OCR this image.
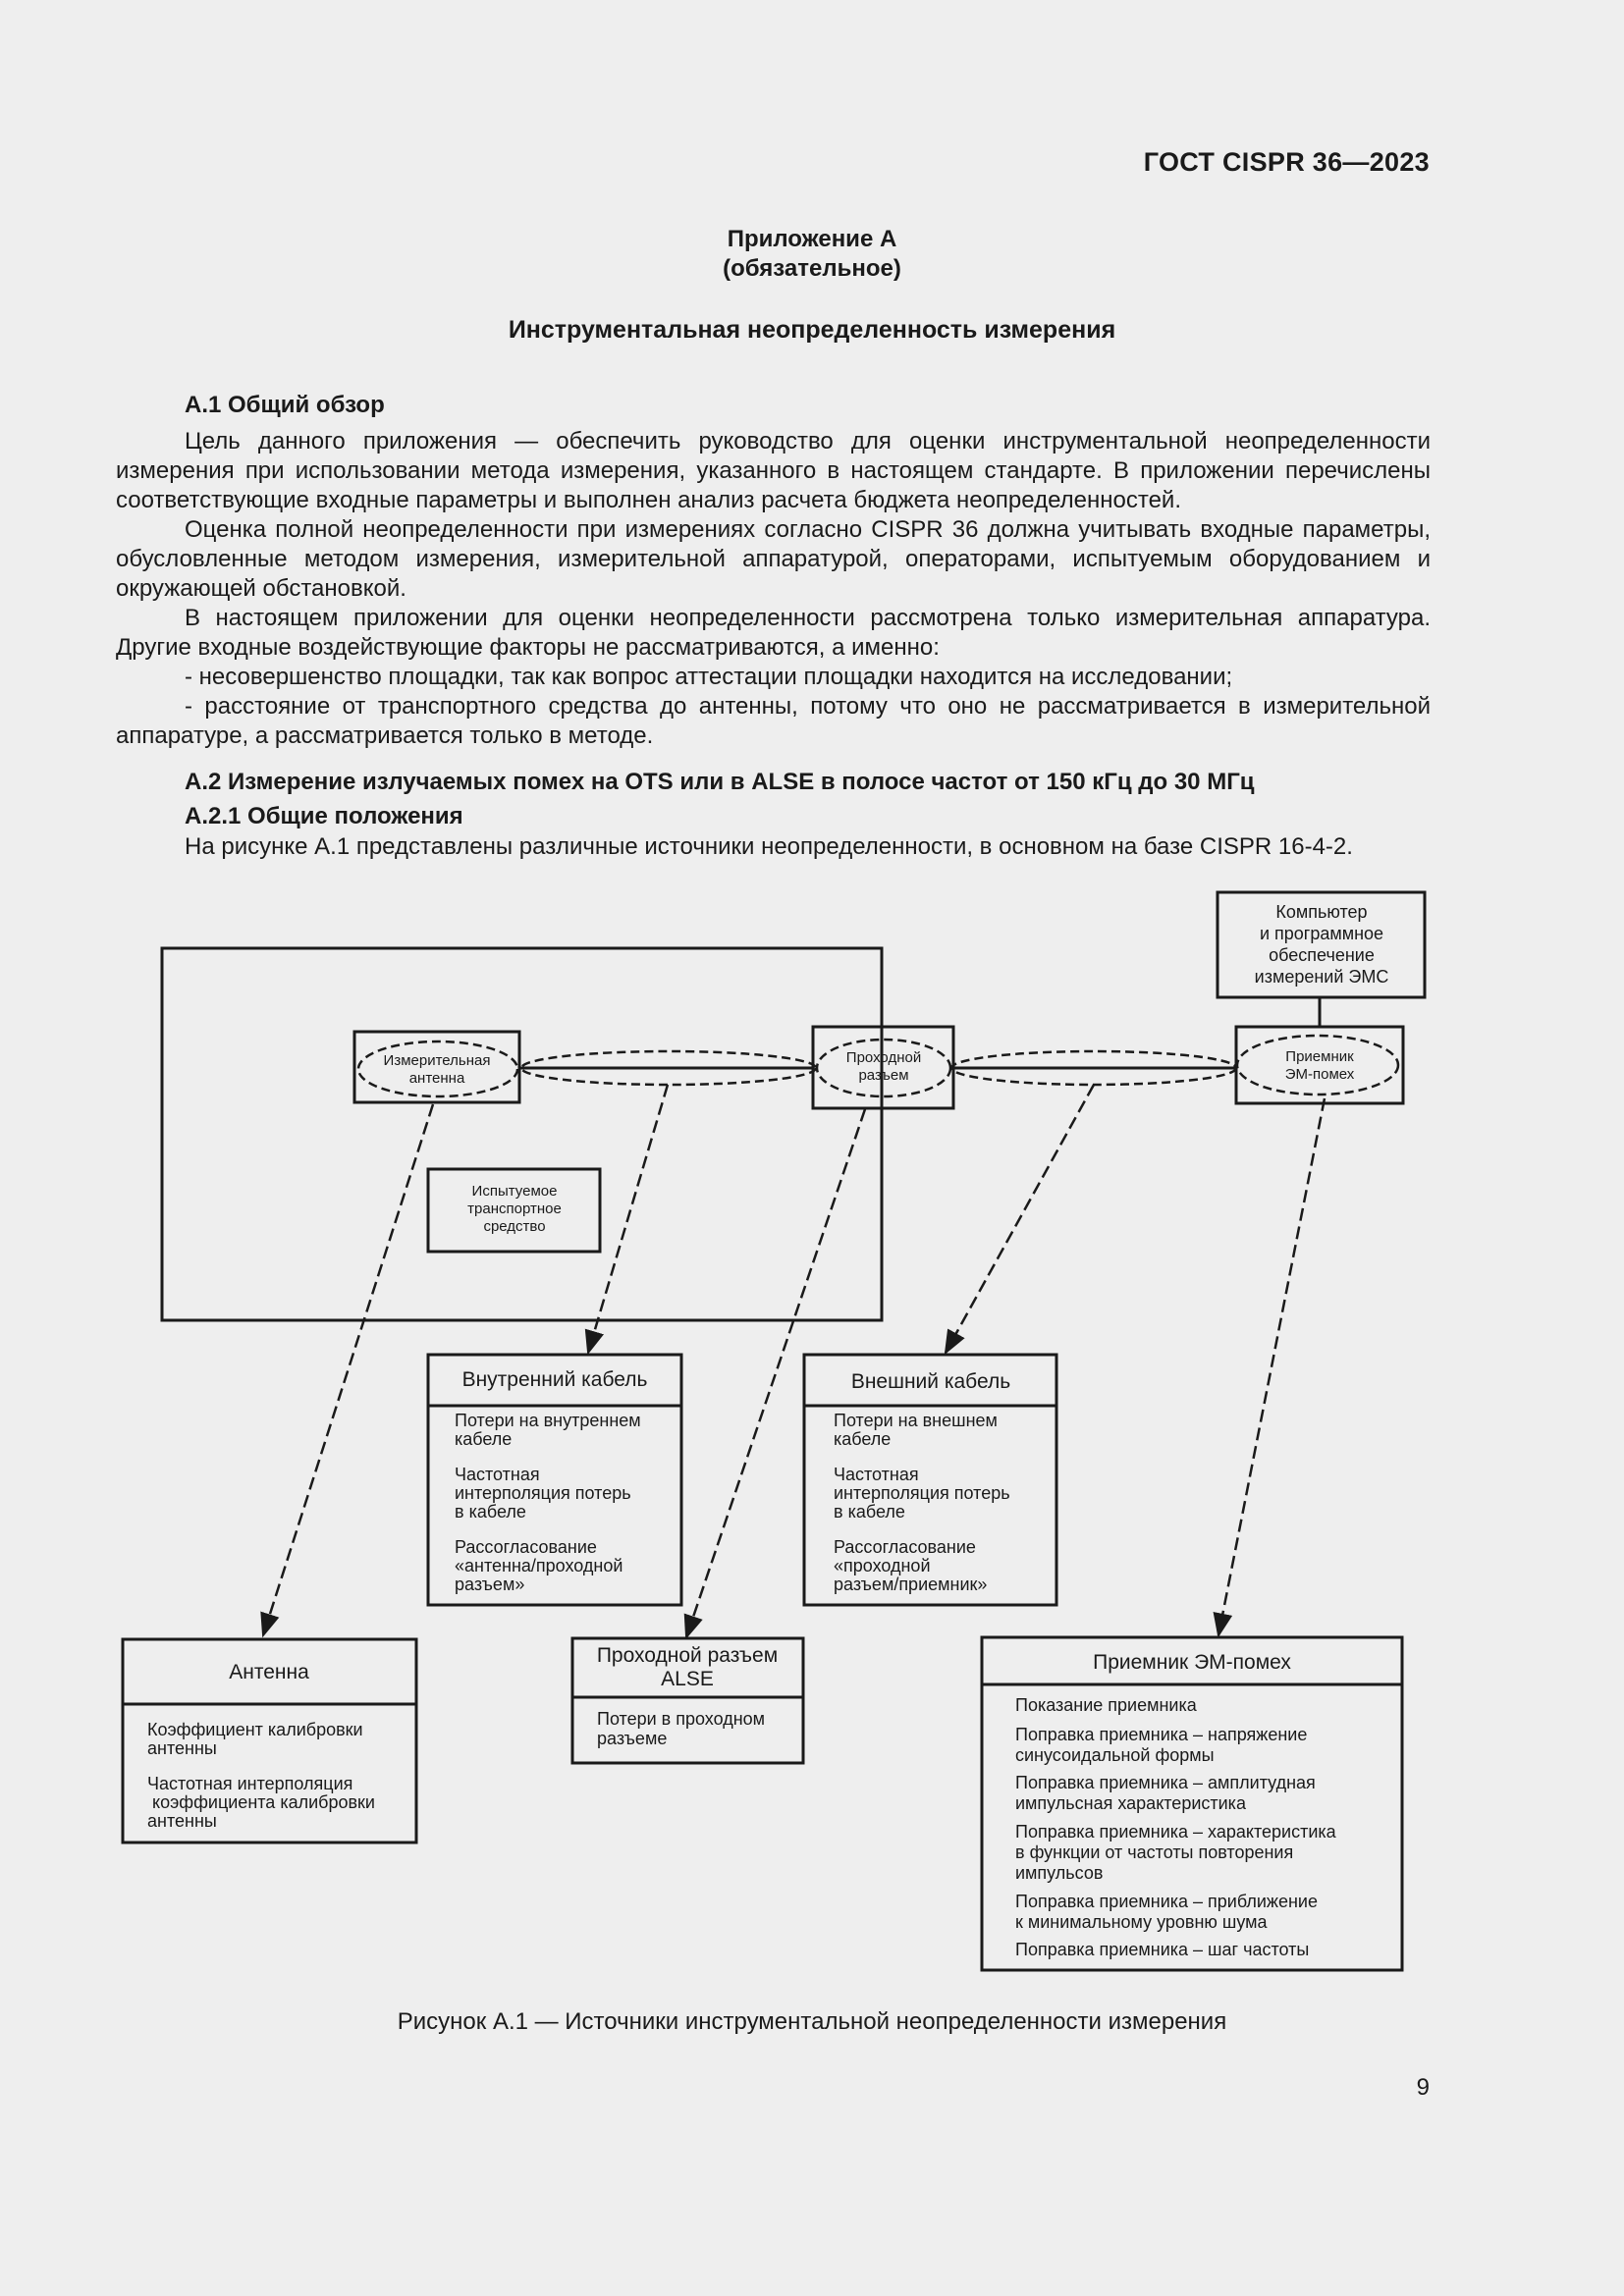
ГОСТ CISPR 36—2023
Приложение А
(обязательное)
Инструментальная неопределенность измерения
А.1 Общий обзор

Цель данного приложения — обеспечить руководство для оценки инструментальной неопределенности измерения при использовании метода измерения, указанного в настоящем стандарте. В приложении перечислены соответствующие входные параметры и выполнен анализ расчета бюджета неопределенностей.

Оценка полной неопределенности при измерениях согласно CISPR 36 должна учитывать входные параметры, обусловленные методом измерения, измерительной аппаратурой, операторами, испытуемым оборудованием и окружающей обстановкой.

В настоящем приложении для оценки неопределенности рассмотрена только измерительная аппаратура. Другие входные воздействующие факторы не рассматриваются, а именно:

- несовершенство площадки, так как вопрос аттестации площадки находится на исследовании;

- расстояние от транспортного средства до антенны, потому что оно не рассматривается в измерительной аппаратуре, а рассматривается только в методе.

А.2 Измерение излучаемых помех на OTS или в ALSE в полосе частот от 150 кГц до 30 МГц
А.2.1 Общие положения
На рисунке А.1 представлены различные источники неопределенности, в основном на базе CISPR 16-4-2.
Компьютер
и программное
обеспечение
измерений ЭМС
Измерительная
антенна
Проходной
разъем
Приемник
ЭМ-помех
Испытуемое
транспортное
средство
Внутренний кабель	Внешний кабель
Антенна
Проходной разъем
ALSE
Приемник ЭМ-помех
Потери на внутреннем
кабеле
Частотная
интерполяция потерь
в кабеле
Рассогласование
«антенна/проходной
разъем»
Потери на внешнем
кабеле
Частотная
интерполяция потерь
в кабеле
Рассогласование
«проходной
разъем/приемник»
Коэффициент калибровки
антенны
Частотная интерполяция
коэффициента калибровки
антенны
Потери в проходном
разъеме
Показание приемника
Поправка приемника – напряжение
синусоидальной формы
Поправка приемника – амплитудная
импульсная характеристика
Поправка приемника – характеристика
в функции от частоты повторения
импульсов
Поправка приемника – приближение
к минимальному уровню шума
Поправка приемника – шаг частоты
Рисунок А.1 — Источники инструментальной неопределенности измерения
9
